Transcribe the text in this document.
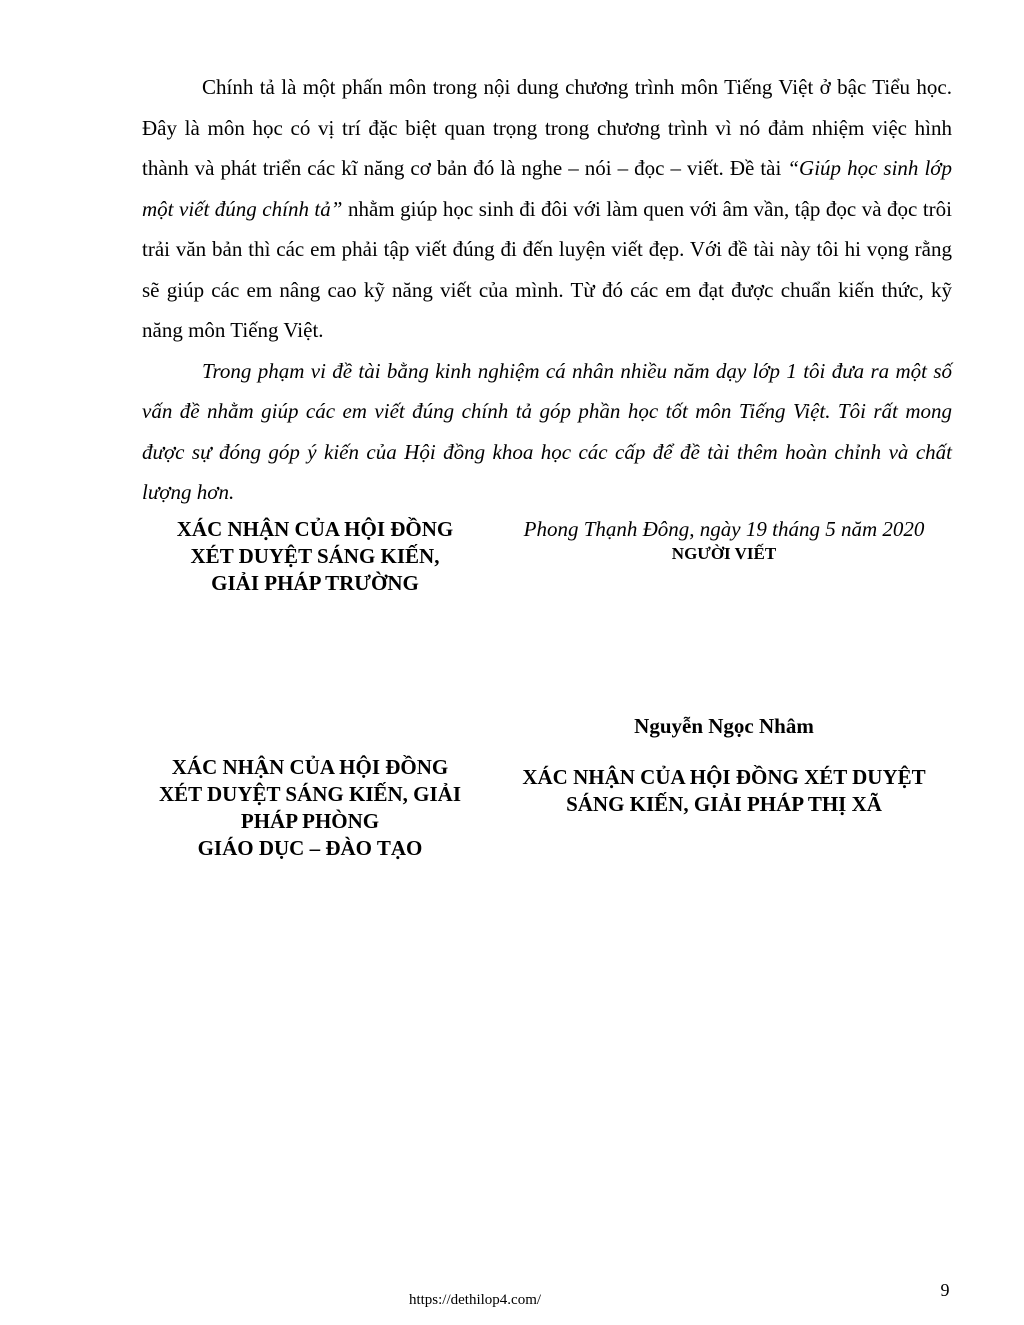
Chính tả là một phấn môn trong nội dung chương trình môn Tiếng Việt ở bậc Tiểu học. Đây là môn học có vị trí đặc biệt quan trọng trong chương trình vì nó đảm nhiệm việc hình thành và phát triển các kĩ năng cơ bản đó là nghe – nói – đọc – viết. Đề tài “Giúp học sinh lớp một viết đúng chính tả” nhằm giúp học sinh đi đôi với làm quen với âm vần, tập đọc và đọc trôi trải văn bản thì các em phải tập viết đúng đi đến luyện viết đẹp. Với đề tài này tôi hi vọng rằng sẽ giúp các em nâng cao kỹ năng viết của mình. Từ đó các em đạt được chuẩn kiến thức, kỹ năng môn Tiếng Việt.

Trong phạm vi đề tài bằng kinh nghiệm cá nhân nhiều năm dạy lớp 1 tôi đưa ra một số vấn đề nhằm giúp các em viết đúng chính tả góp phần học tốt môn Tiếng Việt. Tôi rất mong được sự đóng góp ý kiến của Hội đồng khoa học các cấp để đề tài thêm hoàn chỉnh và chất lượng hơn.

XÁC NHẬN CỦA HỘI ĐỒNG
XÉT DUYỆT SÁNG KIẾN,
GIẢI PHÁP TRƯỜNG
Phong Thạnh Đông, ngày 19 tháng 5 năm 2020
NGƯỜI VIẾT
Nguyễn Ngọc Nhâm
XÁC NHẬN CỦA HỘI ĐỒNG
XÉT DUYỆT SÁNG KIẾN, GIẢI
PHÁP PHÒNG
GIÁO DỤC – ĐÀO TẠO
XÁC NHẬN CỦA HỘI ĐỒNG XÉT DUYỆT
SÁNG KIẾN, GIẢI PHÁP THỊ XÃ
https://dethilop4.com/	9
